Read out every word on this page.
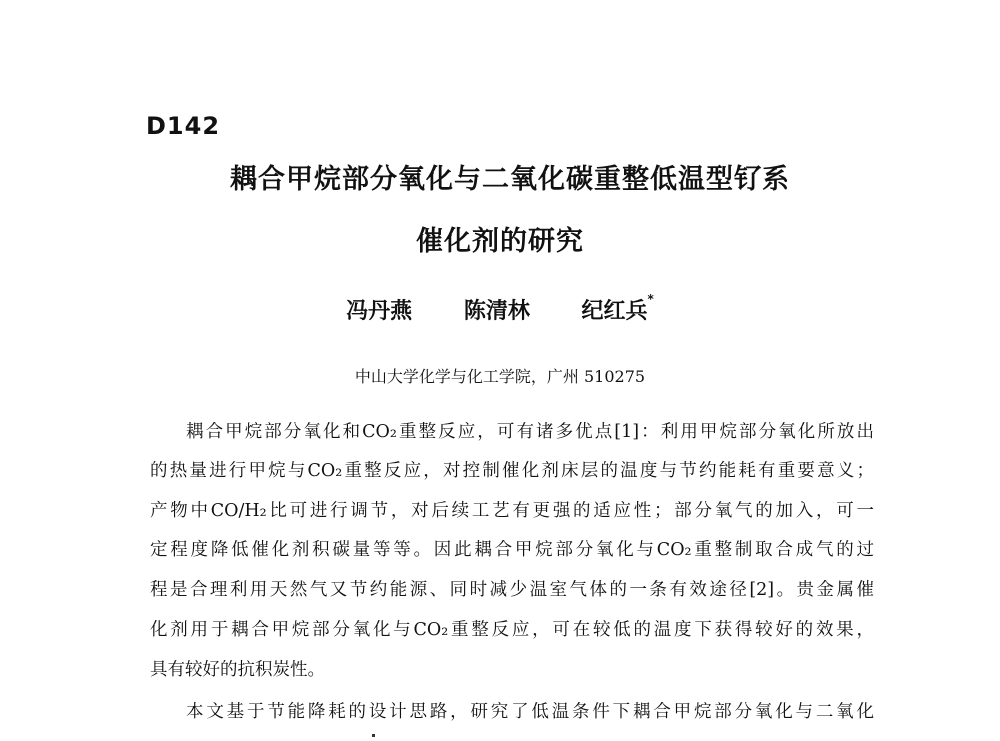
D142
耦合甲烷部分氧化与二氧化碳重整低温型钌系
催化剂的研究
冯丹燕 陈清林 纪红兵*
中山大学化学与化工学院，广州 510275
耦合甲烷部分氧化和CO₂重整反应，可有诸多优点[1]：利用甲烷部分氧化所放出
的热量进行甲烷与CO₂重整反应，对控制催化剂床层的温度与节约能耗有重要意义；
产物中CO/H₂比可进行调节，对后续工艺有更强的适应性；部分氧气的加入，可一
定程度降低催化剂积碳量等等。因此耦合甲烷部分氧化与CO₂重整制取合成气的过
程是合理利用天然气又节约能源、同时减少温室气体的一条有效途径[2]。贵金属催
化剂用于耦合甲烷部分氧化与CO₂重整反应，可在较低的温度下获得较好的效果，
具有较好的抗积炭性。
本文基于节能降耗的设计思路，研究了低温条件下耦合甲烷部分氧化与二氧化
